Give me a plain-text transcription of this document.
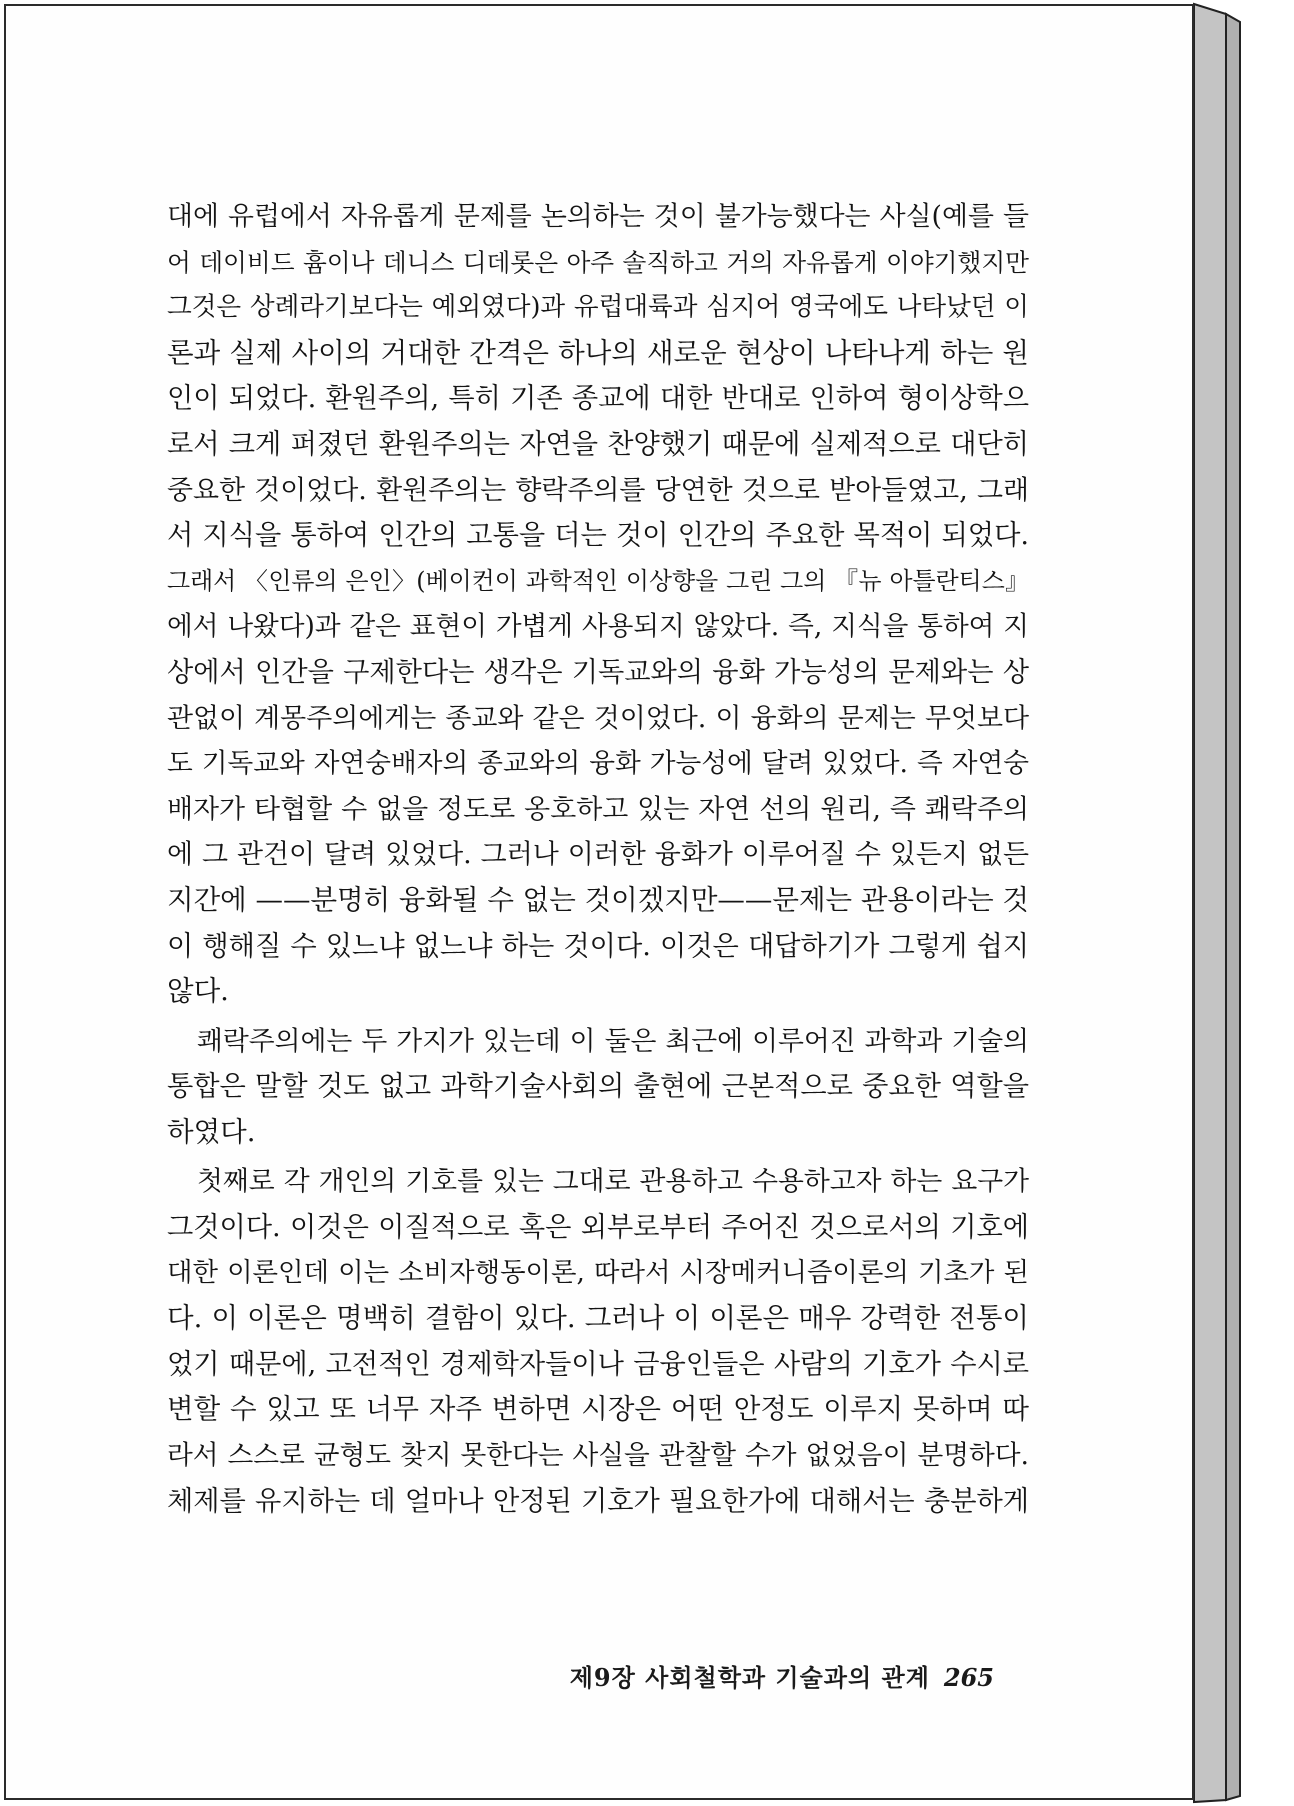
대에 유럽에서 자유롭게 문제를 논의하는 것이 불가능했다는 사실(예를 들
어 데이비드 흄이나 데니스 디데롯은 아주 솔직하고 거의 자유롭게 이야기했지만
그것은 상례라기보다는 예외였다)과 유럽대륙과 심지어 영국에도 나타났던 이
론과 실제 사이의 거대한 간격은 하나의 새로운 현상이 나타나게 하는 원
인이 되었다. 환원주의, 특히 기존 종교에 대한 반대로 인하여 형이상학으
로서 크게 퍼졌던 환원주의는 자연을 찬양했기 때문에 실제적으로 대단히
중요한 것이었다. 환원주의는 향락주의를 당연한 것으로 받아들였고, 그래
서 지식을 통하여 인간의 고통을 더는 것이 인간의 주요한 목적이 되었다.
그래서 〈인류의 은인〉(베이컨이 과학적인 이상향을 그린 그의 『뉴 아틀란티스』
에서 나왔다)과 같은 표현이 가볍게 사용되지 않았다. 즉, 지식을 통하여 지
상에서 인간을 구제한다는 생각은 기독교와의 융화 가능성의 문제와는 상
관없이 계몽주의에게는 종교와 같은 것이었다. 이 융화의 문제는 무엇보다
도 기독교와 자연숭배자의 종교와의 융화 가능성에 달려 있었다. 즉 자연숭
배자가 타협할 수 없을 정도로 옹호하고 있는 자연 선의 원리, 즉 쾌락주의
에 그 관건이 달려 있었다. 그러나 이러한 융화가 이루어질 수 있든지 없든
지간에 ——분명히 융화될 수 없는 것이겠지만——문제는 관용이라는 것
이 행해질 수 있느냐 없느냐 하는 것이다. 이것은 대답하기가 그렇게 쉽지
않다.
쾌락주의에는 두 가지가 있는데 이 둘은 최근에 이루어진 과학과 기술의
통합은 말할 것도 없고 과학기술사회의 출현에 근본적으로 중요한 역할을
하였다.
첫째로 각 개인의 기호를 있는 그대로 관용하고 수용하고자 하는 요구가
그것이다. 이것은 이질적으로 혹은 외부로부터 주어진 것으로서의 기호에
대한 이론인데 이는 소비자행동이론, 따라서 시장메커니즘이론의 기초가 된
다. 이 이론은 명백히 결함이 있다. 그러나 이 이론은 매우 강력한 전통이
었기 때문에, 고전적인 경제학자들이나 금융인들은 사람의 기호가 수시로
변할 수 있고 또 너무 자주 변하면 시장은 어떤 안정도 이루지 못하며 따
라서 스스로 균형도 찾지 못한다는 사실을 관찰할 수가 없었음이 분명하다.
체제를 유지하는 데 얼마나 안정된 기호가 필요한가에 대해서는 충분하게
제9장 사회철학과 기술과의 관계 265
